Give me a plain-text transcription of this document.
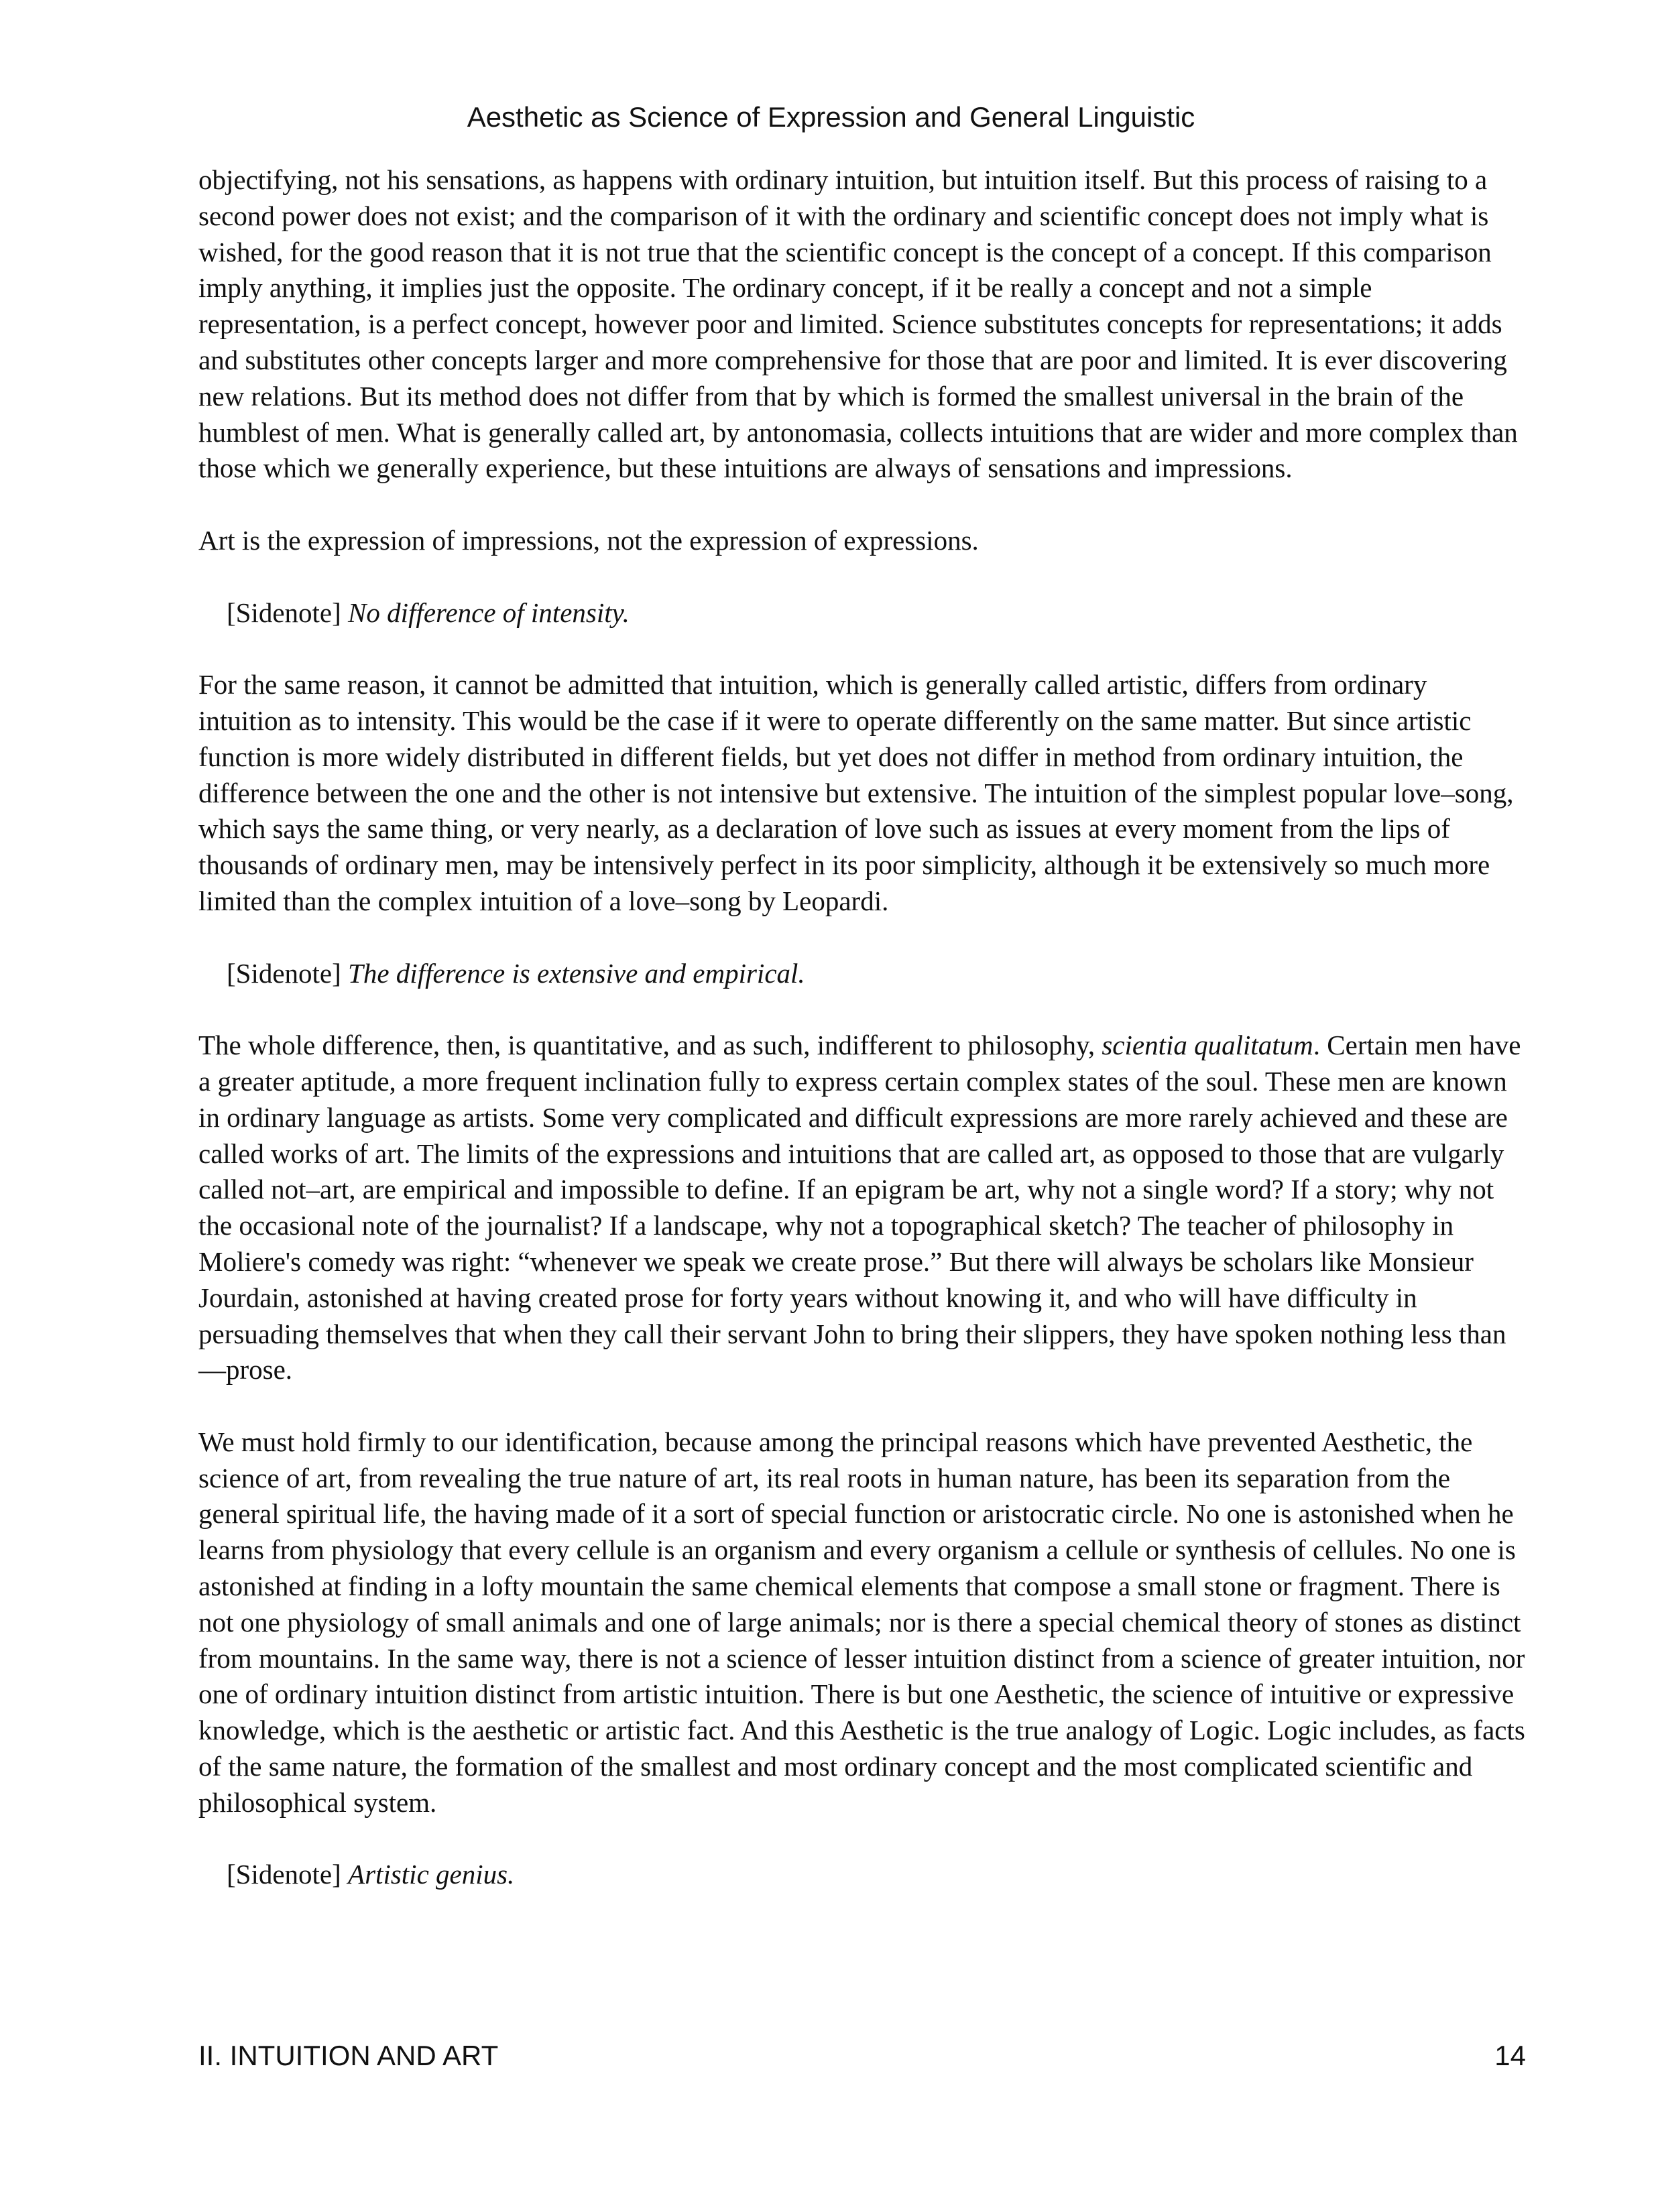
Aesthetic as Science of Expression and General Linguistic

objectifying, not his sensations, as happens with ordinary intuition, but intuition itself. But this process of raising to a second power does not exist; and the comparison of it with the ordinary and scientific concept does not imply what is wished, for the good reason that it is not true that the scientific concept is the concept of a concept. If this comparison imply anything, it implies just the opposite. The ordinary concept, if it be really a concept and not a simple representation, is a perfect concept, however poor and limited. Science substitutes concepts for representations; it adds and substitutes other concepts larger and more comprehensive for those that are poor and limited. It is ever discovering new relations. But its method does not differ from that by which is formed the smallest universal in the brain of the humblest of men. What is generally called art, by antonomasia, collects intuitions that are wider and more complex than those which we generally experience, but these intuitions are always of sensations and impressions.

Art is the expression of impressions, not the expression of expressions.

[Sidenote] No difference of intensity.

For the same reason, it cannot be admitted that intuition, which is generally called artistic, differs from ordinary intuition as to intensity. This would be the case if it were to operate differently on the same matter. But since artistic function is more widely distributed in different fields, but yet does not differ in method from ordinary intuition, the difference between the one and the other is not intensive but extensive. The intuition of the simplest popular love–song, which says the same thing, or very nearly, as a declaration of love such as issues at every moment from the lips of thousands of ordinary men, may be intensively perfect in its poor simplicity, although it be extensively so much more limited than the complex intuition of a love–song by Leopardi.

[Sidenote] The difference is extensive and empirical.

The whole difference, then, is quantitative, and as such, indifferent to philosophy, scientia qualitatum. Certain men have a greater aptitude, a more frequent inclination fully to express certain complex states of the soul. These men are known in ordinary language as artists. Some very complicated and difficult expressions are more rarely achieved and these are called works of art. The limits of the expressions and intuitions that are called art, as opposed to those that are vulgarly called not–art, are empirical and impossible to define. If an epigram be art, why not a single word? If a story; why not the occasional note of the journalist? If a landscape, why not a topographical sketch? The teacher of philosophy in Moliere's comedy was right: “whenever we speak we create prose.” But there will always be scholars like Monsieur Jourdain, astonished at having created prose for forty years without knowing it, and who will have difficulty in persuading themselves that when they call their servant John to bring their slippers, they have spoken nothing less than—prose.

We must hold firmly to our identification, because among the principal reasons which have prevented Aesthetic, the science of art, from revealing the true nature of art, its real roots in human nature, has been its separation from the general spiritual life, the having made of it a sort of special function or aristocratic circle. No one is astonished when he learns from physiology that every cellule is an organism and every organism a cellule or synthesis of cellules. No one is astonished at finding in a lofty mountain the same chemical elements that compose a small stone or fragment. There is not one physiology of small animals and one of large animals; nor is there a special chemical theory of stones as distinct from mountains. In the same way, there is not a science of lesser intuition distinct from a science of greater intuition, nor one of ordinary intuition distinct from artistic intuition. There is but one Aesthetic, the science of intuitive or expressive knowledge, which is the aesthetic or artistic fact. And this Aesthetic is the true analogy of Logic. Logic includes, as facts of the same nature, the formation of the smallest and most ordinary concept and the most complicated scientific and philosophical system.

[Sidenote] Artistic genius.

II. INTUITION AND ART	14
